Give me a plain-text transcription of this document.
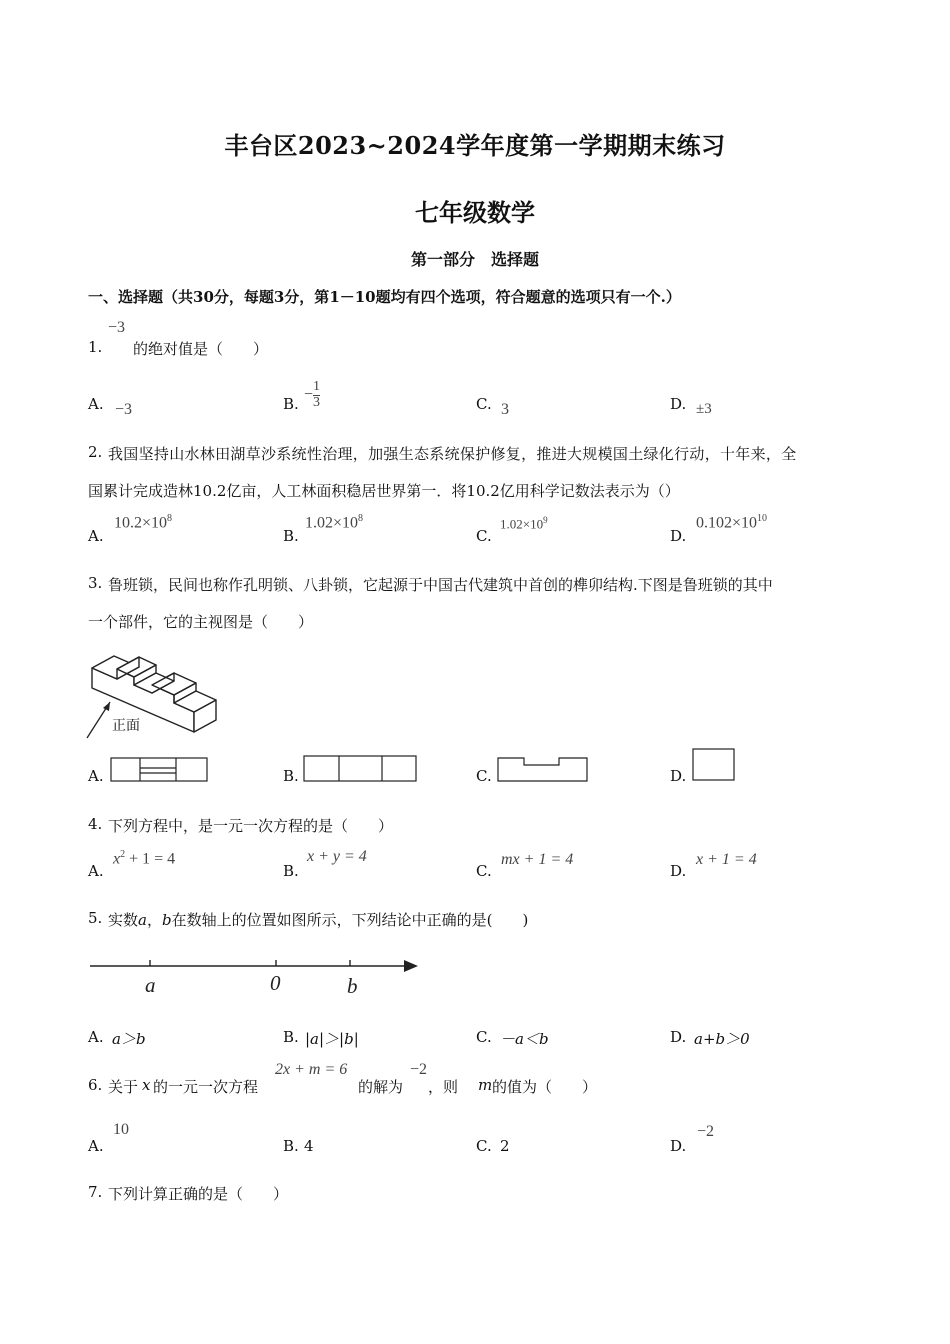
丰台区2023~2024学年度第一学期期末练习
七年级数学
第一部分　选择题
一、选择题（共30分，每题3分，第1－10题均有四个选项，符合题意的选项只有一个.）
1.
−3
的绝对值是（　　）
A. −3	B.
− $\frac{1}{3}$	C. 3	D. ±3
2. 我国坚持山水林田湖草沙系统性治理，加强生态系统保护修复，推进大规模国土绿化行动，十年来，全
国累计完成造林10.2亿亩，人工林面积稳居世界第一．将10.2亿用科学记数法表示为（）
A.
$10.2\times 10^8$
B.
$1.02\times 10^8$
C.
$1.02\times 10^9$
D.
$0.102\times 10^{10}$
3. 鲁班锁，民间也称作孔明锁、八卦锁，它起源于中国古代建筑中首创的榫卯结构.下图是鲁班锁的其中
一个部件，它的主视图是（　　）
正面
A.	B.	C.	D.
4. 下列方程中，是一元一次方程的是（　　）
A.
$x^2 + 1 = 4$
B.
x + y = 4
C.
mx + 1 = 4
D.
x + 1 = 4
5. 实数a，b在数轴上的位置如图所示，下列结论中正确的是(　　)
a	0	b
A. a＞b	B. |a|＞|b|	C. －a＜b	D. a+b＞0
6. 关于 x 的一元一次方程
2x + m = 6
的解为
−2
，则 m 的值为（　　）
A.
10
B. 4	C. 2	D.
−2
7. 下列计算正确的是（　　）
